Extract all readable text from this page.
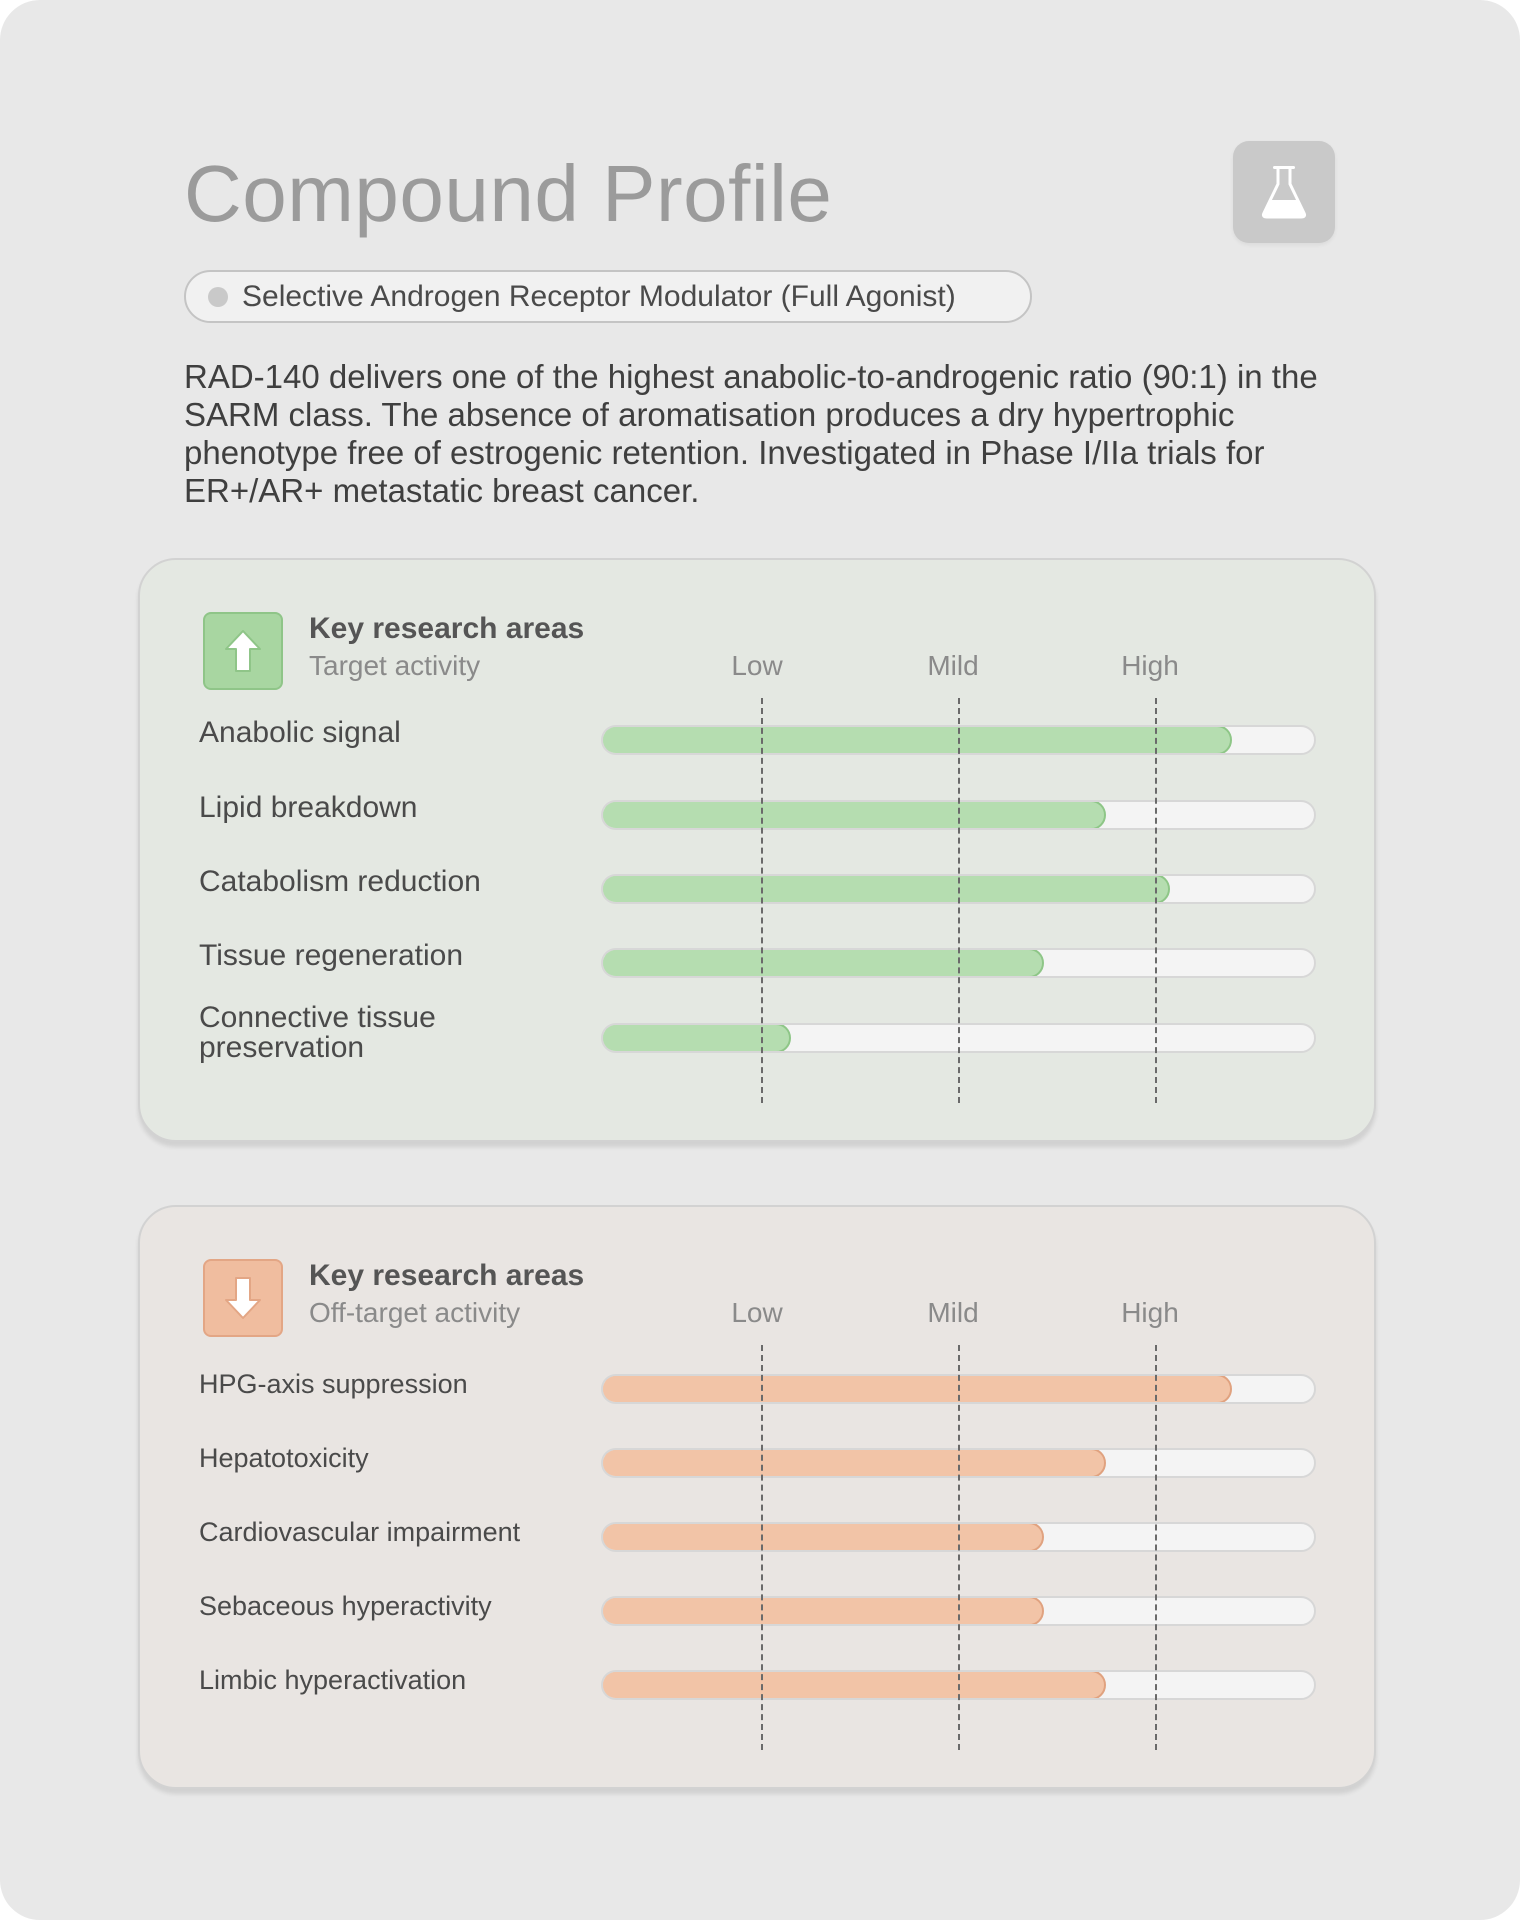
Compound Profile
Selective Androgen Receptor Modulator (Full Agonist)

RAD-140 delivers one of the highest anabolic-to-androgenic ratio (90:1) in the SARM class. The absence of aromatisation produces a dry hypertrophic phenotype free of estrogenic retention. Investigated in Phase I/IIa trials for ER+/AR+ metastatic breast cancer.

Key research areas
Target activity	Low	Mild	High
Anabolic signal
Lipid breakdown
Catabolism reduction
Tissue regeneration
Connective tissue preservation
Key research areas
Off-target activity	Low	Mild	High
HPG-axis suppression
Hepatotoxicity
Cardiovascular impairment
Sebaceous hyperactivity
Limbic hyperactivation
